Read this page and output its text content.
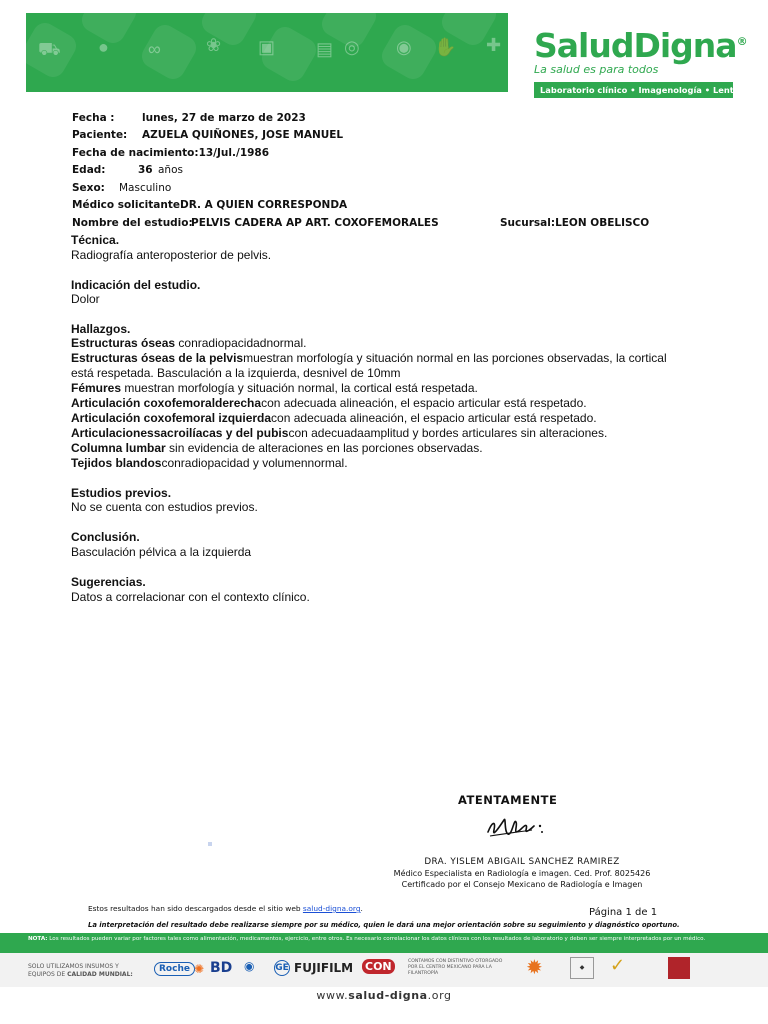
⛟ ● ∞	❀ ▣ ▤ ◎ ◉ ✋ ✚ SaludDigna®
La salud es para todos
Laboratorio clínico • Imagenología • Lentes
Fecha :	lunes, 27 de marzo de 2023
Paciente: AZUELA QUIÑONES, JOSE MANUEL
Fecha de nacimiento:13/Jul./1986
Edad:	36 años
Sexo: Masculino
Médico solicitante:
DR. A QUIEN CORRESPONDA
Nombre del estudio:
PELVIS CADERA AP ART. COXOFEMORALES	Sucursal:LEON OBELISCO
Técnica.
Radiografía anteroposterior de pelvis.
Indicación del estudio.
Dolor
Hallazgos.
Estructuras óseas conradiopacidadnormal.
Estructuras óseas de la pelvismuestran morfología y situación normal en las porciones observadas, la cortical está respetada. Basculación a la izquierda, desnivel de 10mm
Fémures muestran morfología y situación normal, la cortical está respetada.
Articulación coxofemoralderechacon adecuada alineación, el espacio articular está respetado.
Articulación coxofemoral izquierdacon adecuada alineación, el espacio articular está respetado.
Articulacionessacroilíacas y del pubiscon adecuadaamplitud y bordes articulares sin alteraciones.
Columna lumbar sin evidencia de alteraciones en las porciones observadas.
Tejidos blandosconradiopacidad y volumennormal.
Estudios previos.
No se cuenta con estudios previos.
Conclusión.
Basculación pélvica a la izquierda
Sugerencias.
Datos a correlacionar con el contexto clínico.
ATENTAMENTE
DRA. YISLEM ABIGAIL SANCHEZ RAMIREZ
Médico Especialista en Radiología e imagen. Ced. Prof. 8025426
Certificado por el Consejo Mexicano de Radiología e Imagen
Estos resultados han sido descargados desde el sitio web salud-digna.org.
La interpretación del resultado debe realizarse siempre por su médico, quien le dará una mejor orientación sobre su seguimiento y diagnóstico oportuno.
Página 1 de 1
NOTA: Los resultados pueden variar por factores tales como alimentación, medicamentos, ejercicio, entre otros. Es necesario correlacionar los datos clínicos con los resultados de laboratorio y deben ser siempre interpretados por un médico.
SOLO UTILIZAMOS INSUMOS Y
EQUIPOS DE CALIDAD MUNDIAL:
Roche ✺ BD ◉ GE FUJIFILM CON	CONTAMOS CON DISTINTIVO OTORGADO
POR EL CENTRO MEXICANO PARA LA
FILANTROPÍA	✹	◆	✓
www.salud-digna.org
